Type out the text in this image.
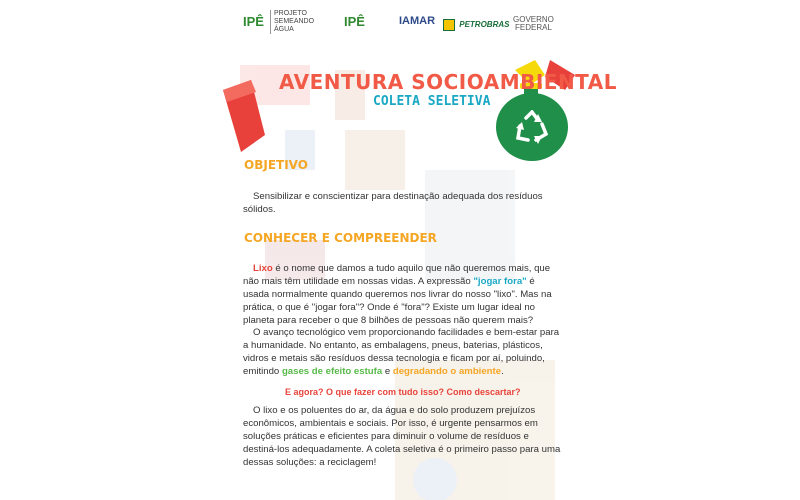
IPÊ
PROJETO
SEMEANDO
ÁGUA
IPÊ	IAMAR	PETROBRAS
GOVERNO
FEDERAL
AVENTURA SOCIOAMBIENTAL
COLETA SELETIVA
OBJETIVO
Sensibilizar e conscientizar para destinação adequada dos resíduos sólidos.
CONHECER E COMPREENDER
Lixo é o nome que damos a tudo aquilo que não queremos mais, que não mais têm utilidade em nossas vidas. A expressão "jogar fora" é usada normalmente quando queremos nos livrar do nosso "lixo". Mas na prática, o que é "jogar fora"? Onde é "fora"? Existe um lugar ideal no planeta para receber o que 8 bilhões de pessoas não querem mais?
O avanço tecnológico vem proporcionando facilidades e bem-estar para a humanidade. No entanto, as embalagens, pneus, baterias, plásticos, vidros e metais são resíduos dessa tecnologia e ficam por aí, poluindo, emitindo gases de efeito estufa e degradando o ambiente.
E agora? O que fazer com tudo isso? Como descartar?
O lixo e os poluentes do ar, da água e do solo produzem prejuízos econômicos, ambientais e sociais. Por isso, é urgente pensarmos em soluções práticas e eficientes para diminuir o volume de resíduos e destiná-los adequadamente. A coleta seletiva é o primeiro passo para uma dessas soluções: a reciclagem!
